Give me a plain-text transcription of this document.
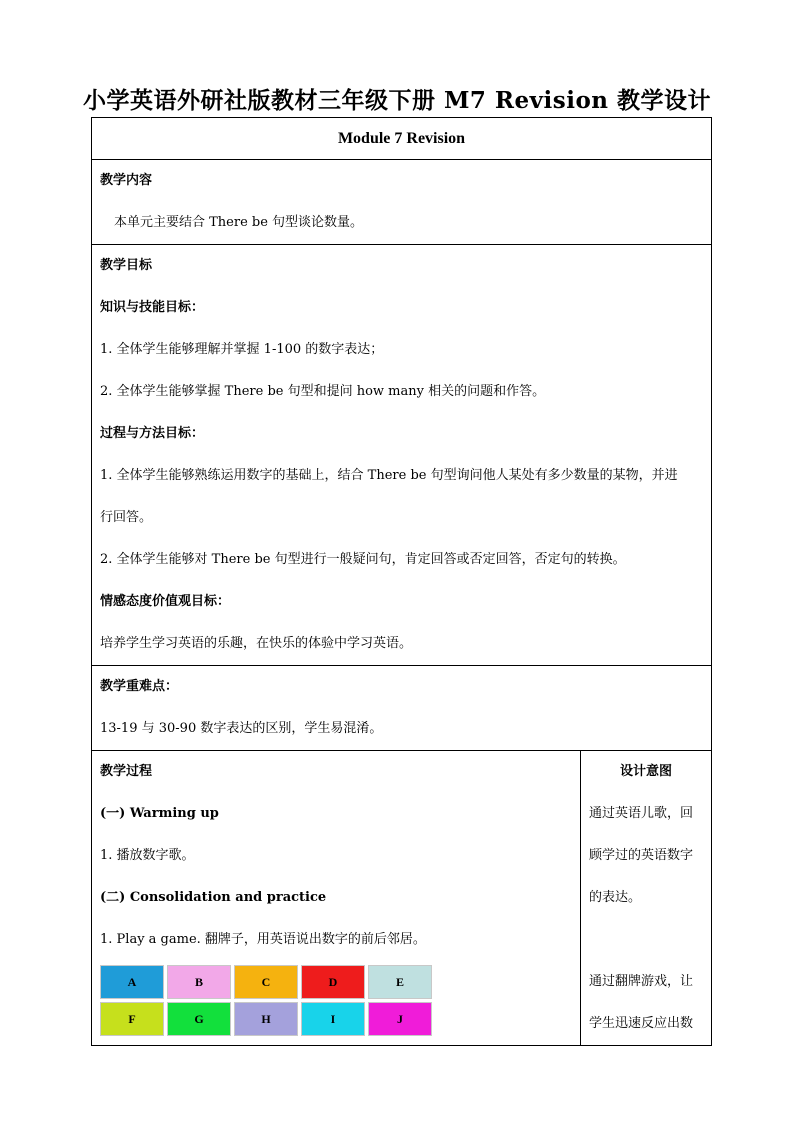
小学英语外研社版教材三年级下册 M7 Revision 教学设计
Module 7 Revision

教学内容
本单元主要结合 There be 句型谈论数量。

教学目标
知识与技能目标：
1. 全体学生能够理解并掌握 1-100 的数字表达；
2. 全体学生能够掌握 There be 句型和提问 how many 相关的问题和作答。
过程与方法目标：
1. 全体学生能够熟练运用数字的基础上，结合 There be 句型询问他人某处有多少数量的某物，并进
行回答。
2. 全体学生能够对 There be 句型进行一般疑问句，肯定回答或否定回答，否定句的转换。
情感态度价值观目标：
培养学生学习英语的乐趣，在快乐的体验中学习英语。

教学重难点：
13-19 与 30-90 数字表达的区别，学生易混淆。

教学过程
(一) Warming up
1. 播放数字歌。
(二) Consolidation and practice
1. Play a game. 翻牌子，用英语说出数字的前后邻居。
A	B	C	D	E
F	G	H	I	J

设计意图
通过英语儿歌，回
顾学过的英语数字
的表达。
通过翻牌游戏，让
学生迅速反应出数
